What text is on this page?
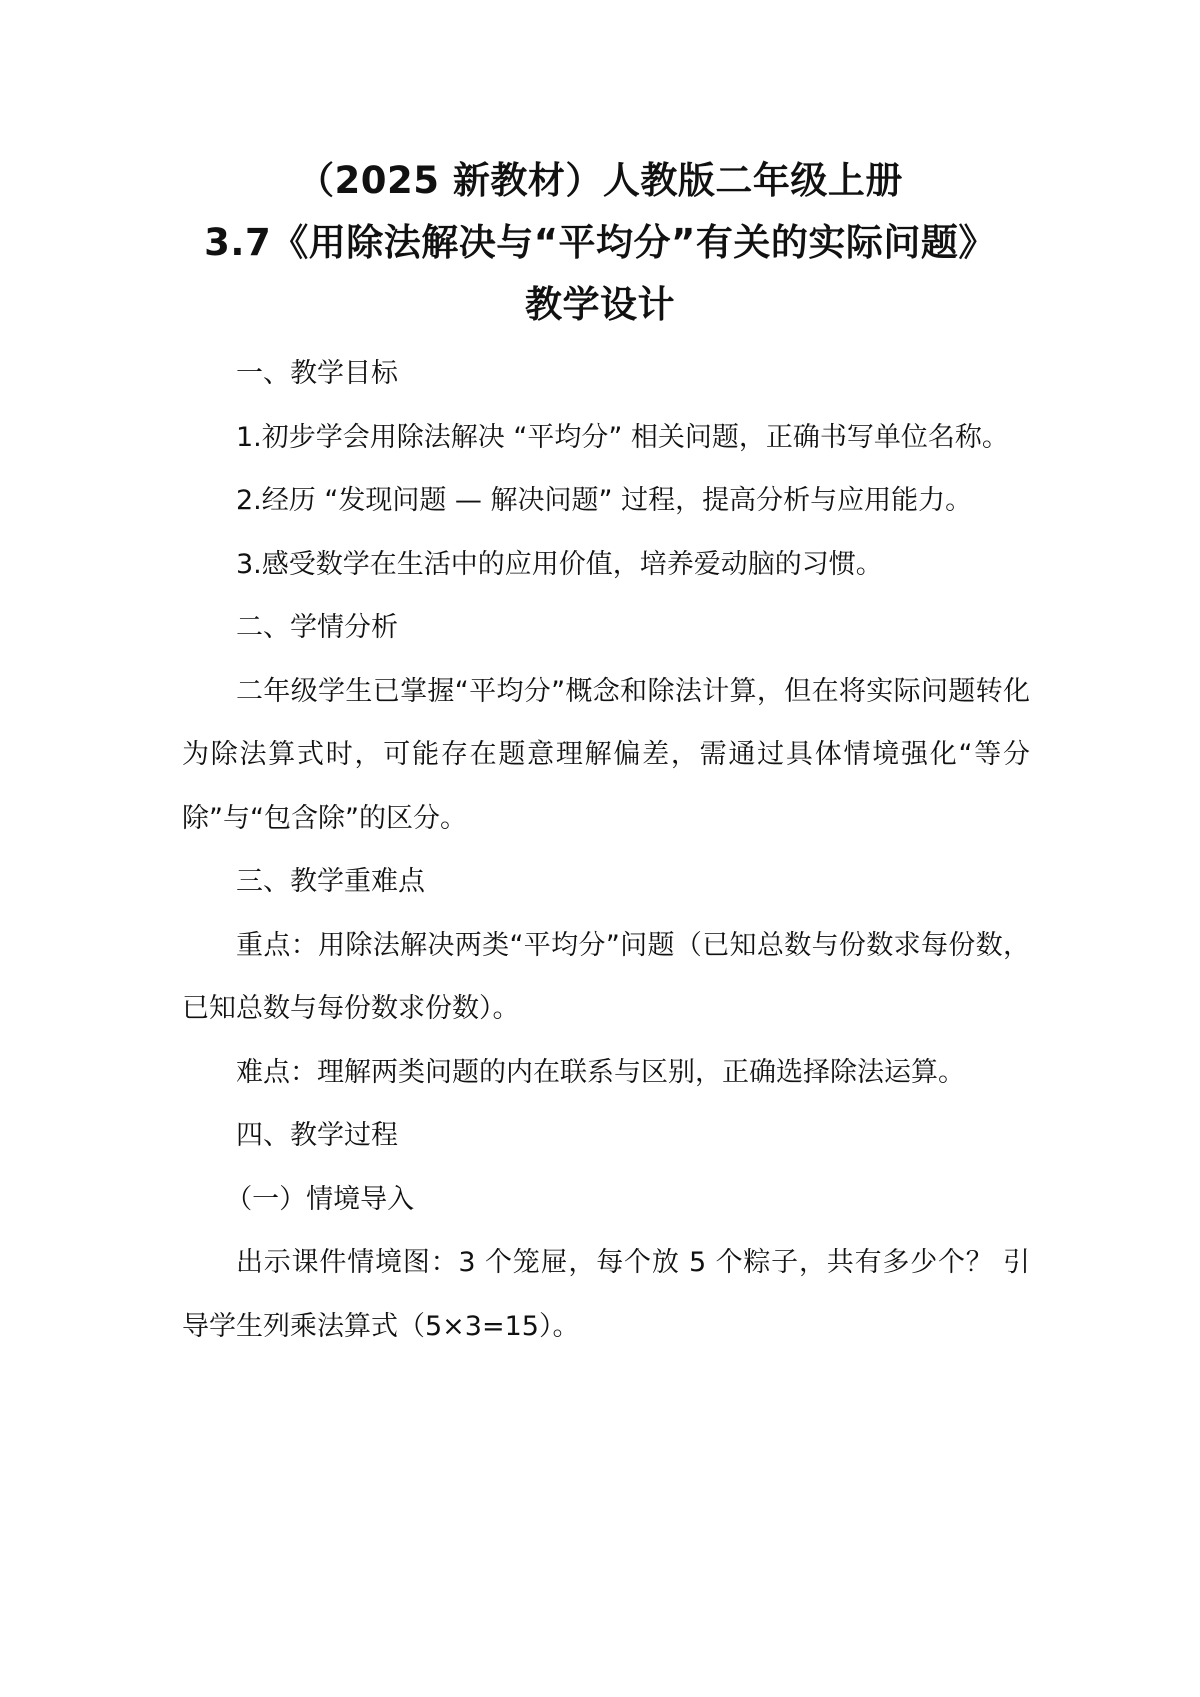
（2025 新教材）人教版二年级上册
3.7《用除法解决与“平均分”有关的实际问题》
教学设计

一、教学目标

1.初步学会用除法解决 “平均分” 相关问题，正确书写单位名称。

2.经历 “发现问题 — 解决问题” 过程，提高分析与应用能力。

3.感受数学在生活中的应用价值，培养爱动脑的习惯。

二、学情分析

二年级学生已掌握“平均分”概念和除法计算，但在将实际问题转化为除法算式时，可能存在题意理解偏差，需通过具体情境强化“等分除”与“包含除”的区分。

三、教学重难点

重点：用除法解决两类“平均分”问题（已知总数与份数求每份数，已知总数与每份数求份数）。

难点：理解两类问题的内在联系与区别，正确选择除法运算。

四、教学过程

（一）情境导入

出示课件情境图：3 个笼屉，每个放 5 个粽子，共有多少个？ 引导学生列乘法算式（5×3=15）。
